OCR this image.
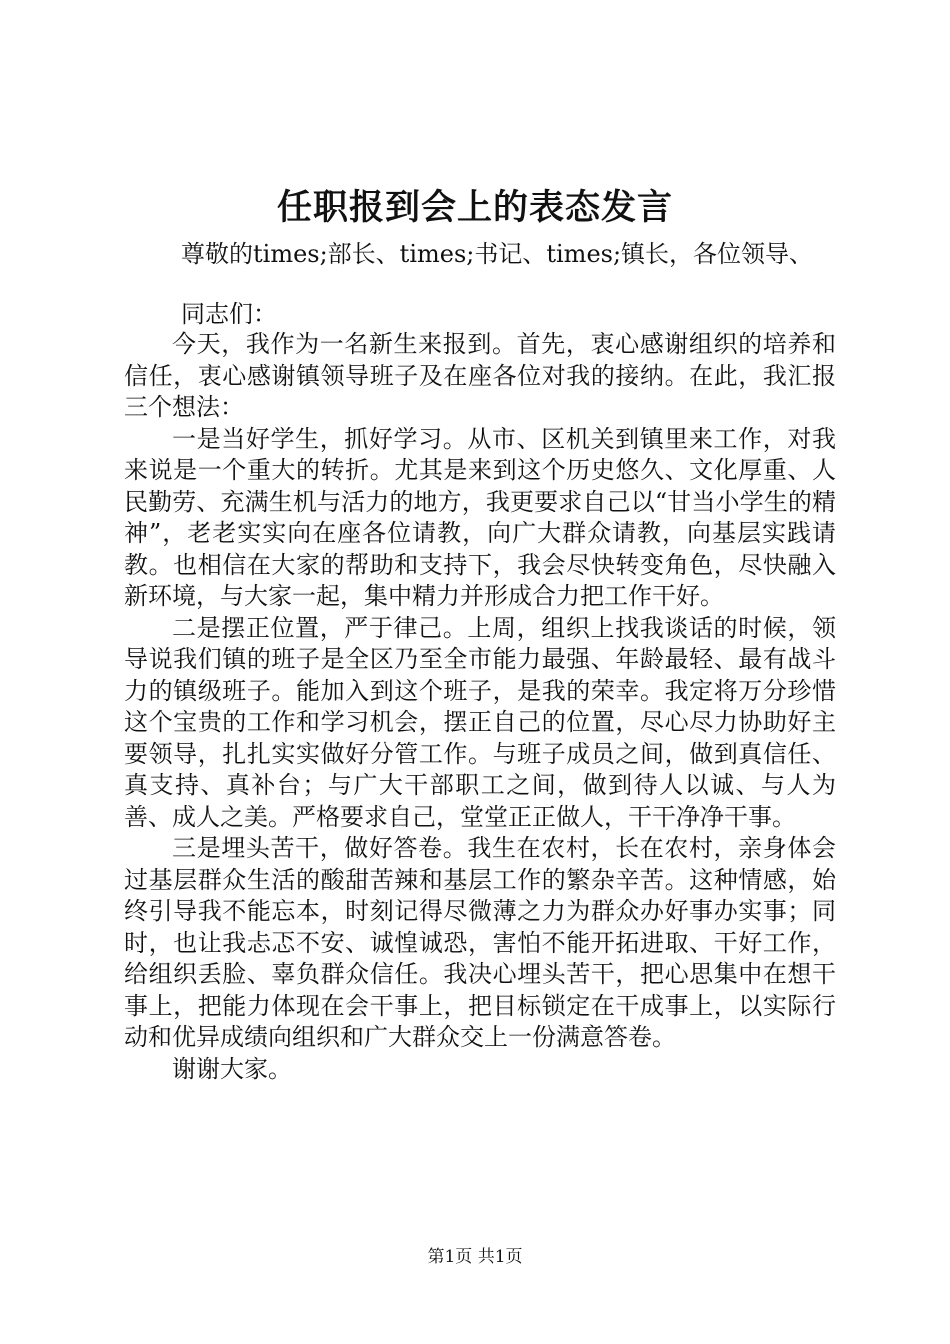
任职报到会上的表态发言

尊敬的times;部长、times;书记、times;镇长，各位领导、

同志们：

今天，我作为一名新生来报到。首先，衷心感谢组织的培养和信任，衷心感谢镇领导班子及在座各位对我的接纳。在此，我汇报三个想法：

一是当好学生，抓好学习。从市、区机关到镇里来工作，对我来说是一个重大的转折。尤其是来到这个历史悠久、文化厚重、人民勤劳、充满生机与活力的地方，我更要求自己以“甘当小学生的精神”，老老实实向在座各位请教，向广大群众请教，向基层实践请教。也相信在大家的帮助和支持下，我会尽快转变角色，尽快融入新环境，与大家一起，集中精力并形成合力把工作干好。

二是摆正位置，严于律己。上周，组织上找我谈话的时候，领导说我们镇的班子是全区乃至全市能力最强、年龄最轻、最有战斗力的镇级班子。能加入到这个班子，是我的荣幸。我定将万分珍惜这个宝贵的工作和学习机会，摆正自己的位置，尽心尽力协助好主要领导，扎扎实实做好分管工作。与班子成员之间，做到真信任、真支持、真补台；与广大干部职工之间，做到待人以诚、与人为善、成人之美。严格要求自己，堂堂正正做人，干干净净干事。

三是埋头苦干，做好答卷。我生在农村，长在农村，亲身体会过基层群众生活的酸甜苦辣和基层工作的繁杂辛苦。这种情感，始终引导我不能忘本，时刻记得尽微薄之力为群众办好事办实事；同时，也让我忐忑不安、诚惶诚恐，害怕不能开拓进取、干好工作，给组织丢脸、辜负群众信任。我决心埋头苦干，把心思集中在想干事上，把能力体现在会干事上，把目标锁定在干成事上，以实际行动和优异成绩向组织和广大群众交上一份满意答卷。

谢谢大家。

第1页 共1页
